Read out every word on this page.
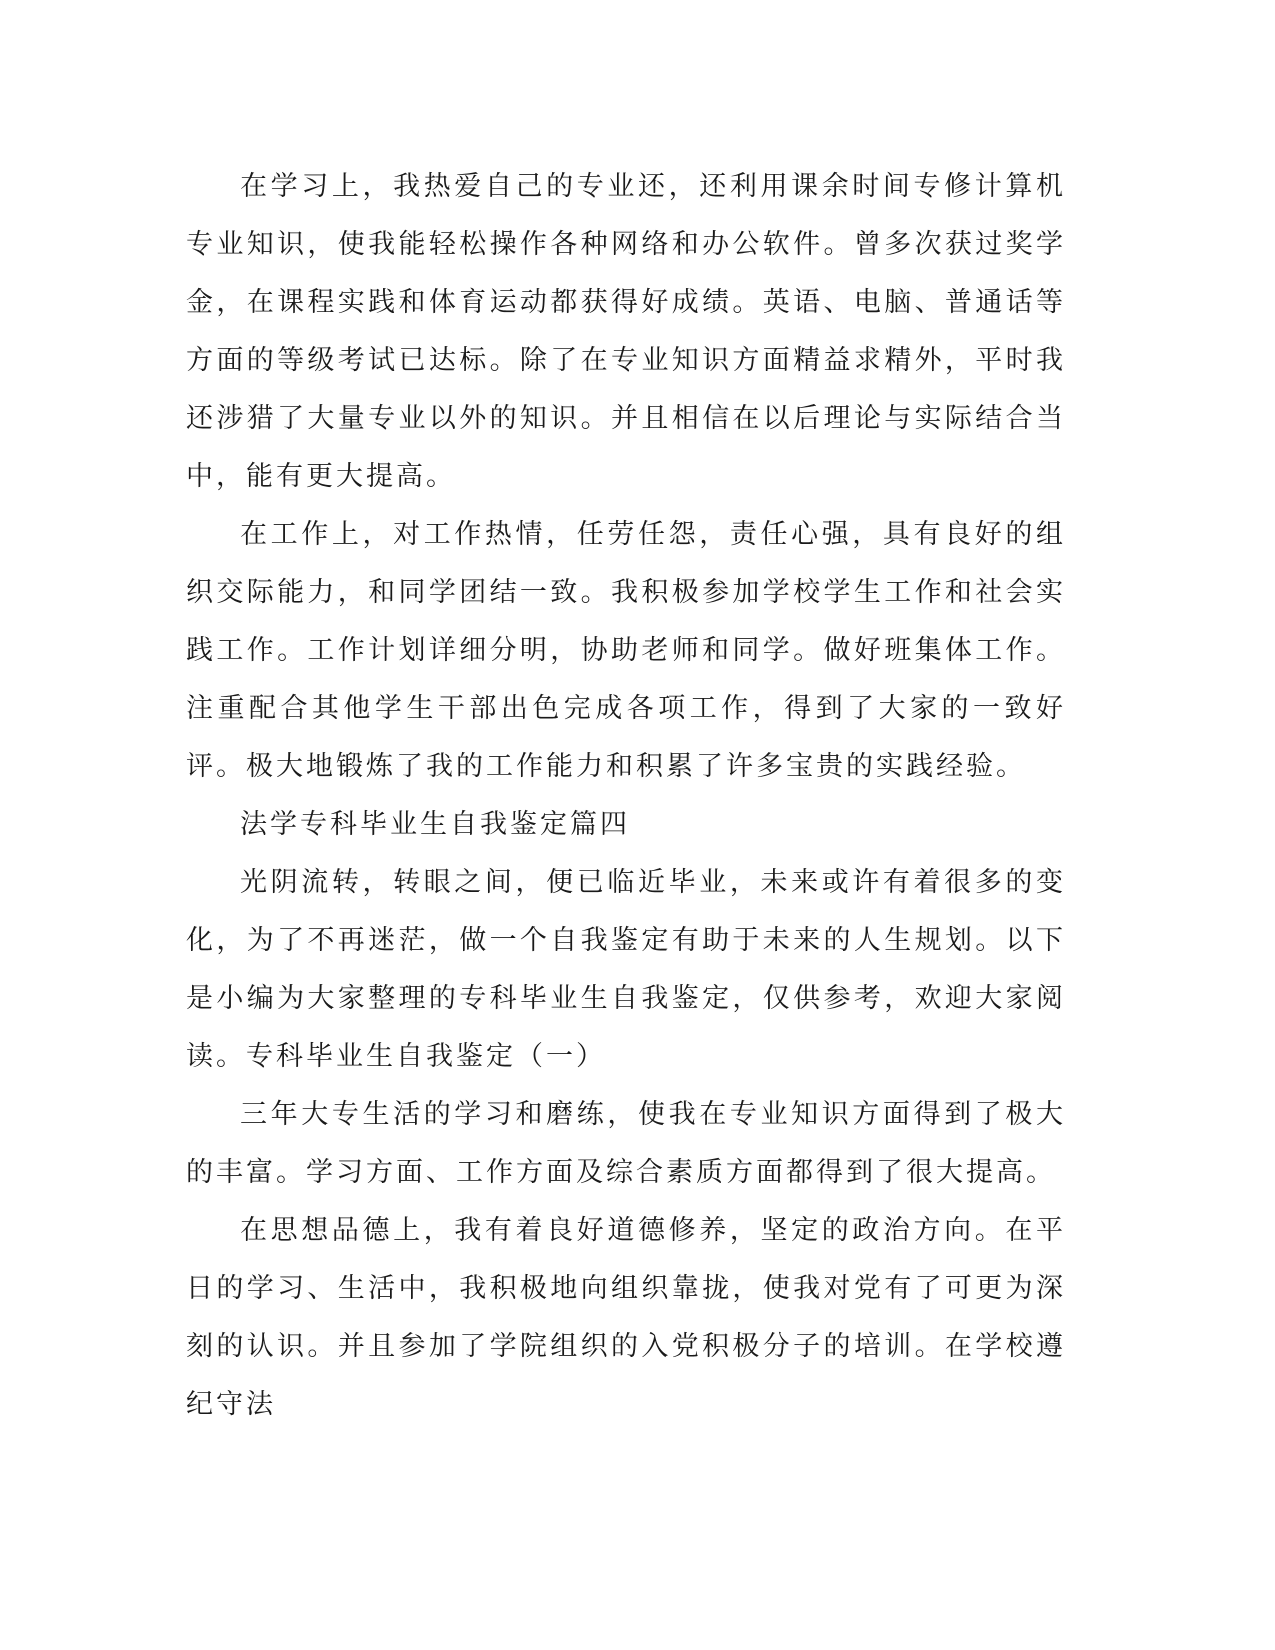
在学习上，我热爱自己的专业还，还利用课余时间专修计算机专业知识，使我能轻松操作各种网络和办公软件。曾多次获过奖学金，在课程实践和体育运动都获得好成绩。英语、电脑、普通话等方面的等级考试已达标。除了在专业知识方面精益求精外，平时我还涉猎了大量专业以外的知识。并且相信在以后理论与实际结合当中，能有更大提高。

在工作上，对工作热情，任劳任怨，责任心强，具有良好的组织交际能力，和同学团结一致。我积极参加学校学生工作和社会实践工作。工作计划详细分明，协助老师和同学。做好班集体工作。注重配合其他学生干部出色完成各项工作，得到了大家的一致好评。极大地锻炼了我的工作能力和积累了许多宝贵的实践经验。

法学专科毕业生自我鉴定篇四

光阴流转，转眼之间，便已临近毕业，未来或许有着很多的变化，为了不再迷茫，做一个自我鉴定有助于未来的人生规划。以下是小编为大家整理的专科毕业生自我鉴定，仅供参考，欢迎大家阅读。专科毕业生自我鉴定（一）

三年大专生活的学习和磨练，使我在专业知识方面得到了极大的丰富。学习方面、工作方面及综合素质方面都得到了很大提高。

在思想品德上，我有着良好道德修养，坚定的政治方向。在平日的学习、生活中，我积极地向组织靠拢，使我对党有了可更为深刻的认识。并且参加了学院组织的入党积极分子的培训。在学校遵纪守法
